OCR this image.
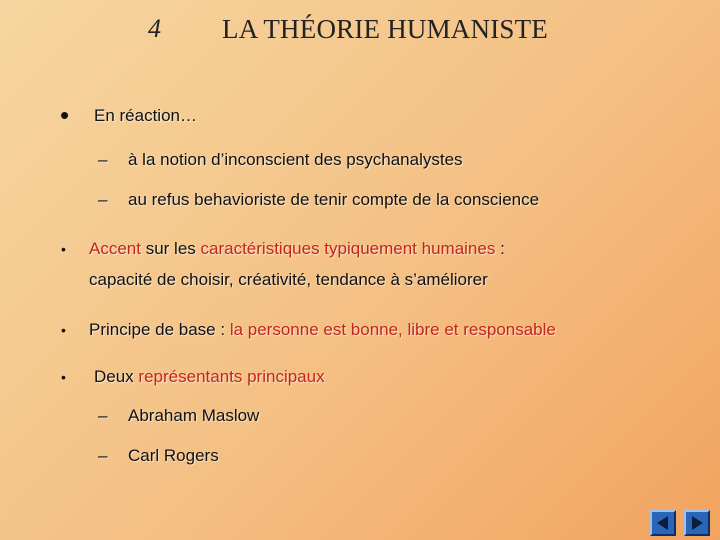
4 LA THÉORIE HUMANISTE
• En réaction…
– à la notion d’inconscient des psychanalystes
– au refus behavioriste de tenir compte de la conscience
• Accent sur les caractéristiques typiquement humaines :
capacité de choisir, créativité, tendance à s’améliorer
• Principe de base : la personne est bonne, libre et responsable
• Deux représentants principaux
– Abraham Maslow
– Carl Rogers
